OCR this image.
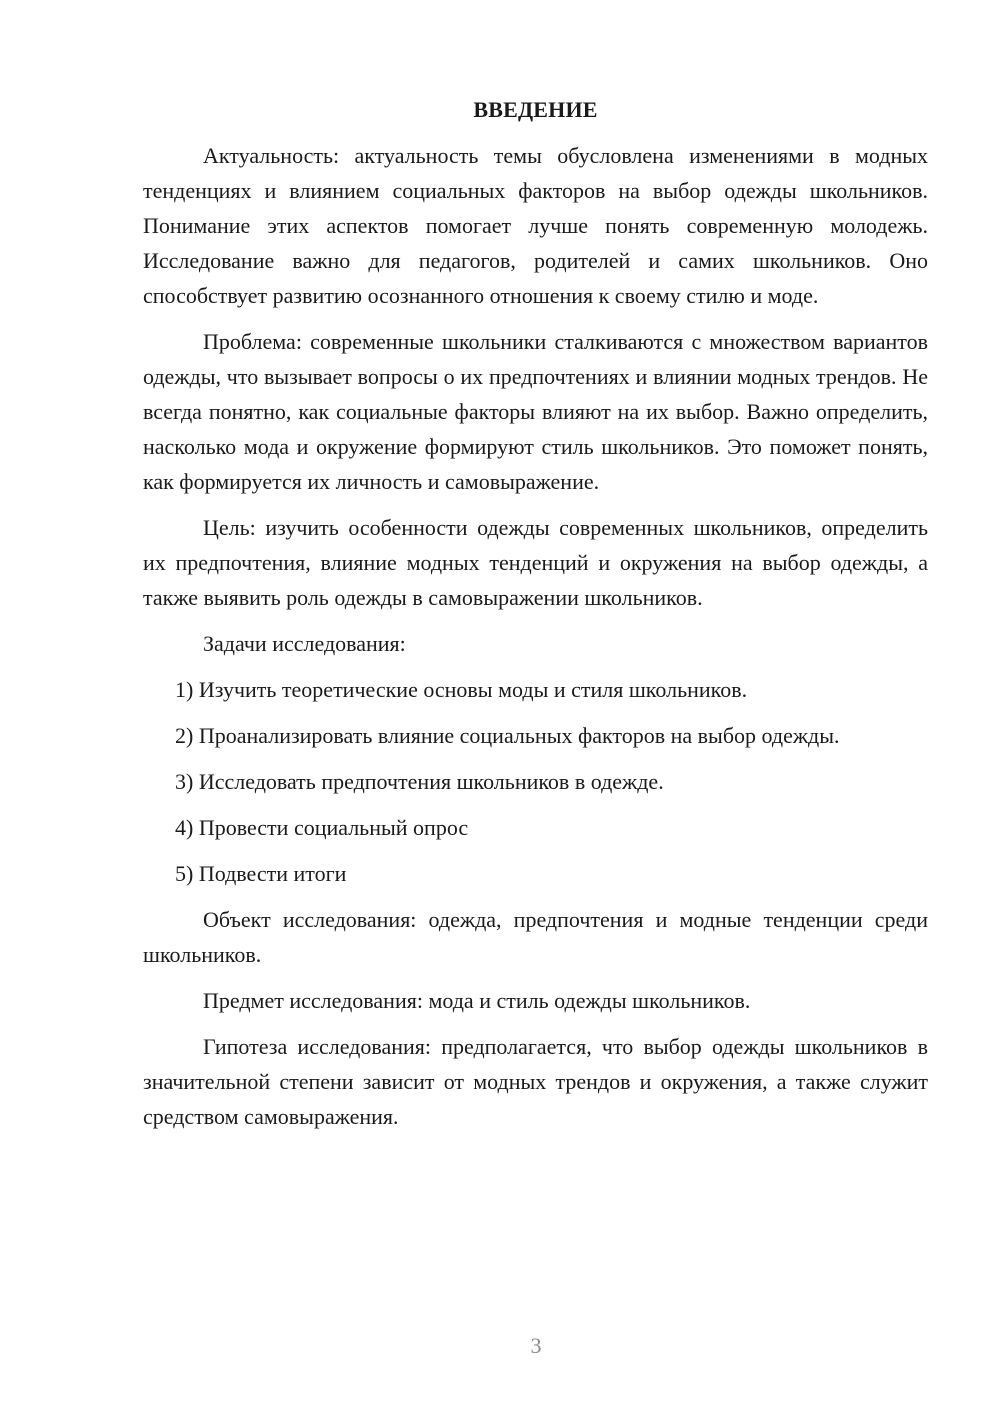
ВВЕДЕНИЕ

Актуальность: актуальность темы обусловлена изменениями в модных тенденциях и влиянием социальных факторов на выбор одежды школьников. Понимание этих аспектов помогает лучше понять современную молодежь. Исследование важно для педагогов, родителей и самих школьников. Оно способствует развитию осознанного отношения к своему стилю и моде.

Проблема: современные школьники сталкиваются с множеством вариантов одежды, что вызывает вопросы о их предпочтениях и влиянии модных трендов. Не всегда понятно, как социальные факторы влияют на их выбор. Важно определить, насколько мода и окружение формируют стиль школьников. Это поможет понять, как формируется их личность и самовыражение.

Цель: изучить особенности одежды современных школьников, определить их предпочтения, влияние модных тенденций и окружения на выбор одежды, а также выявить роль одежды в самовыражении школьников.

Задачи исследования:

1) Изучить теоретические основы моды и стиля школьников.

2) Проанализировать влияние социальных факторов на выбор одежды.

3) Исследовать предпочтения школьников в одежде.

4) Провести социальный опрос

5) Подвести итоги

Объект исследования: одежда, предпочтения и модные тенденции среди школьников.

Предмет исследования: мода и стиль одежды школьников.

Гипотеза исследования: предполагается, что выбор одежды школьников в значительной степени зависит от модных трендов и окружения, а также служит средством самовыражения.

3
